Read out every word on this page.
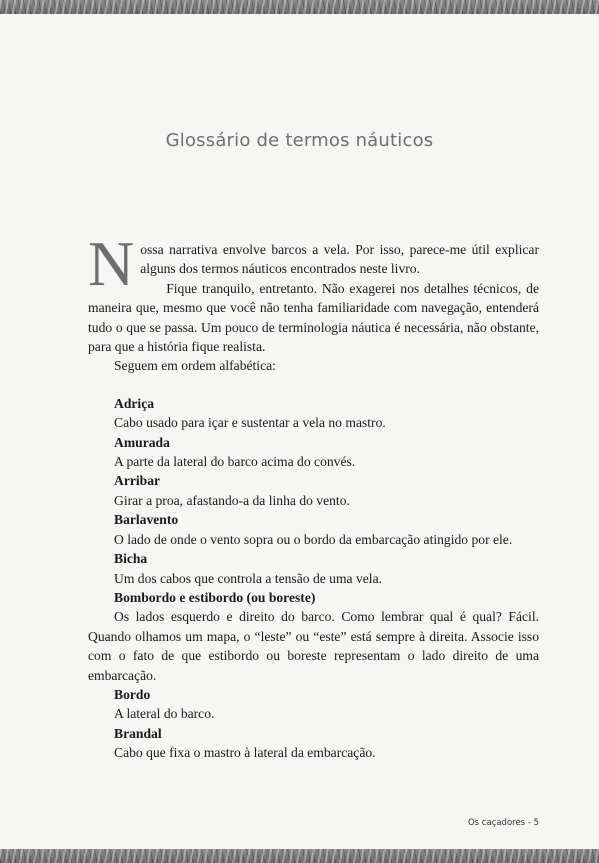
Glossário de termos náuticos

Nossa narrativa envolve barcos a vela. Por isso, parece-me útil explicar alguns dos termos náuticos encontrados neste livro.

Fique tranquilo, entretanto. Não exagerei nos detalhes técnicos, de maneira que, mesmo que você não tenha familiaridade com navegação, entenderá tudo o que se passa. Um pouco de terminologia náutica é necessária, não obstante, para que a história fique realista.

Seguem em ordem alfabética:

Adriça
Cabo usado para içar e sustentar a vela no mastro.
Amurada
A parte da lateral do barco acima do convés.
Arribar
Girar a proa, afastando-a da linha do vento.
Barlavento
O lado de onde o vento sopra ou o bordo da embarcação atingido por ele.
Bicha
Um dos cabos que controla a tensão de uma vela.
Bombordo e estibordo (ou boreste)

Os lados esquerdo e direito do barco. Como lembrar qual é qual? Fácil. Quando olhamos um mapa, o “leste” ou “este” está sempre à direita. Associe isso com o fato de que estibordo ou boreste representam o lado direito de uma embarcação.

Bordo
A lateral do barco.
Brandal
Cabo que fixa o mastro à lateral da embarcação.
Os caçadores - 5
